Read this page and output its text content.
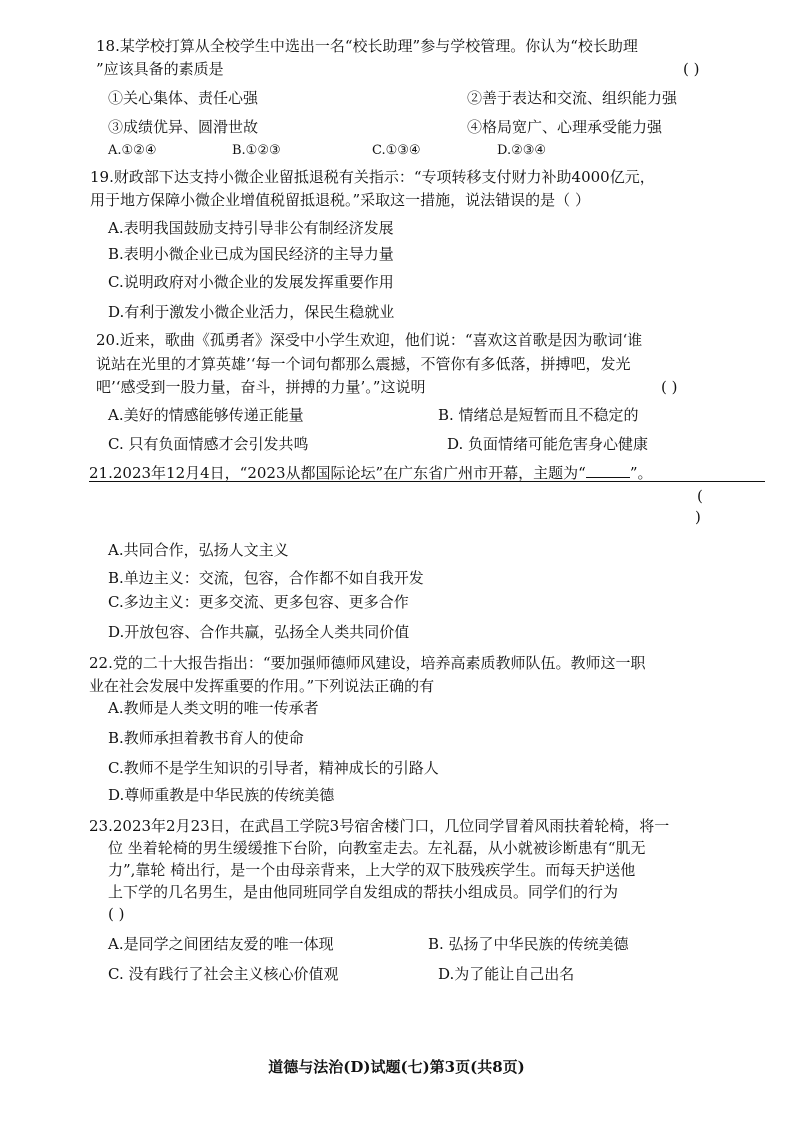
18.某学校打算从全校学生中选出一名“校长助理”参与学校管理。你认为“校长助理
”应该具备的素质是	( )
①关心集体、责任心强	②善于表达和交流、组织能力强
③成绩优异、圆滑世故	④格局宽广、心理承受能力强
A.①②④	B.①②③	C.①③④	D.②③④
19.财政部下达支持小微企业留抵退税有关指示：“专项转移支付财力补助4000亿元，
用于地方保障小微企业增值税留抵退税。”采取这一措施，说法错误的是（ ）
A.表明我国鼓励支持引导非公有制经济发展
B.表明小微企业已成为国民经济的主导力量
C.说明政府对小微企业的发展发挥重要作用
D.有利于激发小微企业活力，保民生稳就业
20.近来，歌曲《孤勇者》深受中小学生欢迎，他们说：“喜欢这首歌是因为歌词‘谁
说站在光里的才算英雄’‘每一个词句都那么震撼，不管你有多低落，拼搏吧，发光
吧’‘感受到一股力量，奋斗，拼搏的力量’。”这说明	( )
A.美好的情感能够传递正能量	B. 情绪总是短暂而且不稳定的
C. 只有负面情感才会引发共鸣	D. 负面情绪可能危害身心健康
21.2023年12月4日，“2023从都国际论坛”在广东省广州市开幕，主题为“	”。
(
)
A.共同合作，弘扬人文主义
B.单边主义：交流，包容，合作都不如自我开发
C.多边主义：更多交流、更多包容、更多合作
D.开放包容、合作共赢，弘扬全人类共同价值
22.党的二十大报告指出：“要加强师德师风建设，培养高素质教师队伍。教师这一职
业在社会发展中发挥重要的作用。”下列说法正确的有
A.教师是人类文明的唯一传承者
B.教师承担着教书育人的使命
C.教师不是学生知识的引导者，精神成长的引路人
D.尊师重教是中华民族的传统美德
23.2023年2月23日，在武昌工学院3号宿舍楼门口，几位同学冒着风雨扶着轮椅，将一
位 坐着轮椅的男生缓缓推下台阶，向教室走去。左礼磊，从小就被诊断患有“肌无
力”,靠轮 椅出行，是一个由母亲背来，上大学的双下肢残疾学生。而每天护送他
上下学的几名男生，是由他同班同学自发组成的帮扶小组成员。同学们的行为
( )
A.是同学之间团结友爱的唯一体现	B. 弘扬了中华民族的传统美德
C. 没有践行了社会主义核心价值观	D.为了能让自己出名
道德与法治(D)试题(七)第3页(共8页)
